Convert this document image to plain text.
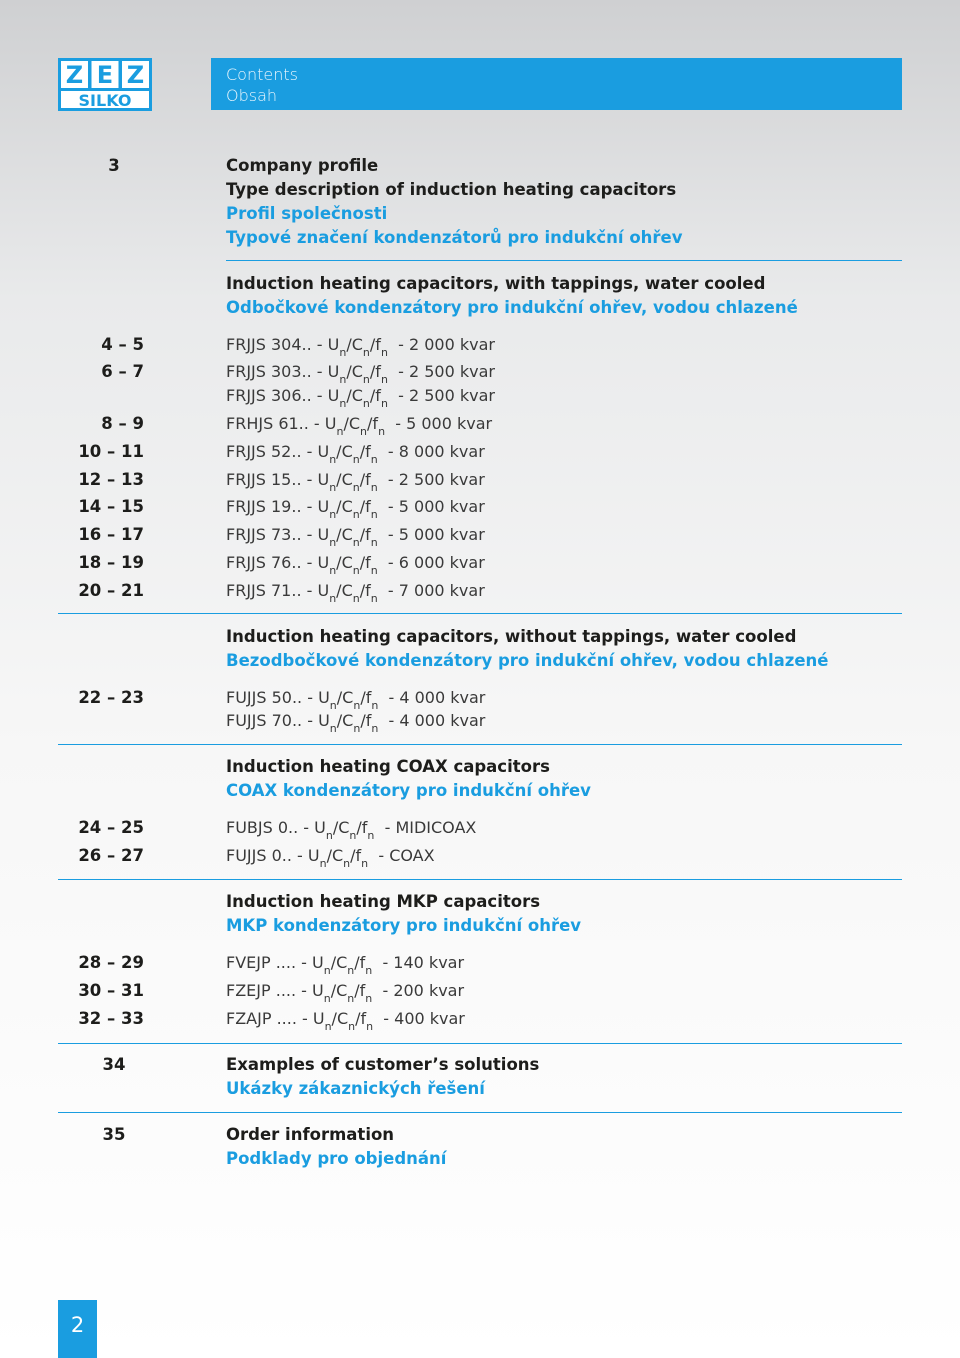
Z E Z
SILKO
Contents
Obsah
3	Company profile
Type description of induction heating capacitors
Profil společnosti
Typové značení kondenzátorů pro indukční ohřev
Induction heating capacitors, with tappings, water cooled
Odbočkové kondenzátory pro indukční ohřev, vodou chlazené
4 – 5	FRJJS 304.. - $U_n/C_n/f_n - 2$ 000 kvar
6 – 7	FRJJS 303.. - $U_n/C_n/f_n - 2$ 500 kvar
FRJJS 306.. - $U_n/C_n/f_n - 2$ 500 kvar
8 – 9	FRHJS 61.. - $U_n/C_n/f_n - 5$ 000 kvar
10 – 11	FRJJS 52.. - $U_n/C_n/f_n - 8$ 000 kvar
12 – 13	FRJJS 15.. - $U_n/C_n/f_n - 2$ 500 kvar
14 – 15	FRJJS 19.. - $U_n/C_n/f_n - 5$ 000 kvar
16 – 17	FRJJS 73.. - $U_n/C_n/f_n - 5$ 000 kvar
18 – 19	FRJJS 76.. - $U_n/C_n/f_n - 6$ 000 kvar
20 – 21	FRJJS 71.. - $U_n/C_n/f_n - 7$ 000 kvar
Induction heating capacitors, without tappings, water cooled
Bezodbočkové kondenzátory pro indukční ohřev, vodou chlazené
22 – 23	FUJJS 50.. - $U_n/C_n/f_n - 4$ 000 kvar
FUJJS 70.. - $U_n/C_n/f_n - 4$ 000 kvar
Induction heating COAX capacitors
COAX kondenzátory pro indukční ohřev
24 – 25	FUBJS 0.. - $U_n/C_n/f_n$ - MIDICOAX
26 – 27	FUJJS 0.. - $U_n/C_n/f_n$ - COAX
Induction heating MKP capacitors
MKP kondenzátory pro indukční ohřev
28 – 29	FVEJP .... - $U_n/C_n/f_n - 140$ kvar
30 – 31	FZEJP .... - $U_n/C_n/f_n - 200$ kvar
32 – 33	FZAJP .... - $U_n/C_n/f_n - 400$ kvar
34	Examples of customer’s solutions
Ukázky zákaznických řešení
35	Order information
Podklady pro objednání
2
